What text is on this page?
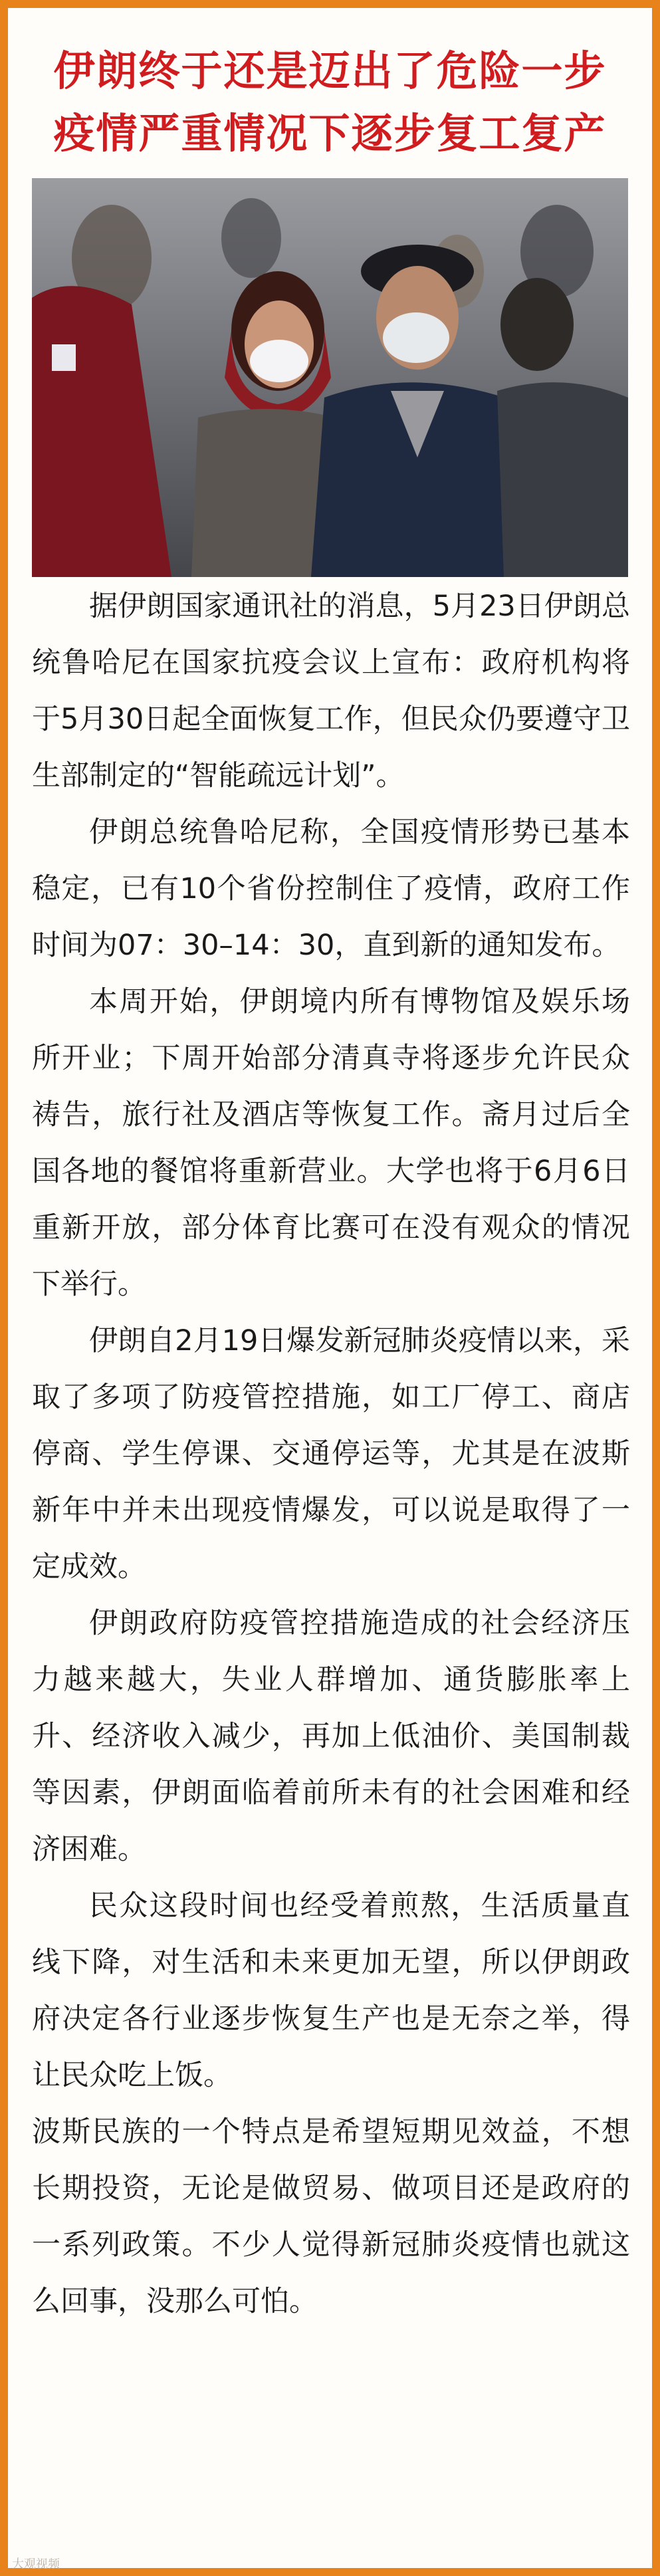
伊朗终于还是迈出了危险一步
疫情严重情况下逐步复工复产

据伊朗国家通讯社的消息，5月23日伊朗总统鲁哈尼在国家抗疫会议上宣布：政府机构将于5月30日起全面恢复工作，但民众仍要遵守卫生部制定的“智能疏远计划”。

伊朗总统鲁哈尼称，全国疫情形势已基本稳定，已有10个省份控制住了疫情，政府工作时间为07：30–14：30，直到新的通知发布。

本周开始，伊朗境内所有博物馆及娱乐场所开业；下周开始部分清真寺将逐步允许民众祷告，旅行社及酒店等恢复工作。斋月过后全国各地的餐馆将重新营业。大学也将于6月6日重新开放，部分体育比赛可在没有观众的情况下举行。

伊朗自2月19日爆发新冠肺炎疫情以来，采取了多项了防疫管控措施，如工厂停工、商店停商、学生停课、交通停运等，尤其是在波斯新年中并未出现疫情爆发，可以说是取得了一定成效。

伊朗政府防疫管控措施造成的社会经济压力越来越大，失业人群增加、通货膨胀率上升、经济收入减少，再加上低油价、美国制裁等因素，伊朗面临着前所未有的社会困难和经济困难。

民众这段时间也经受着煎熬，生活质量直线下降，对生活和未来更加无望，所以伊朗政府决定各行业逐步恢复生产也是无奈之举，得让民众吃上饭。

波斯民族的一个特点是希望短期见效益，不想长期投资，无论是做贸易、做项目还是政府的一系列政策。不少人觉得新冠肺炎疫情也就这么回事，没那么可怕。

大观视频
